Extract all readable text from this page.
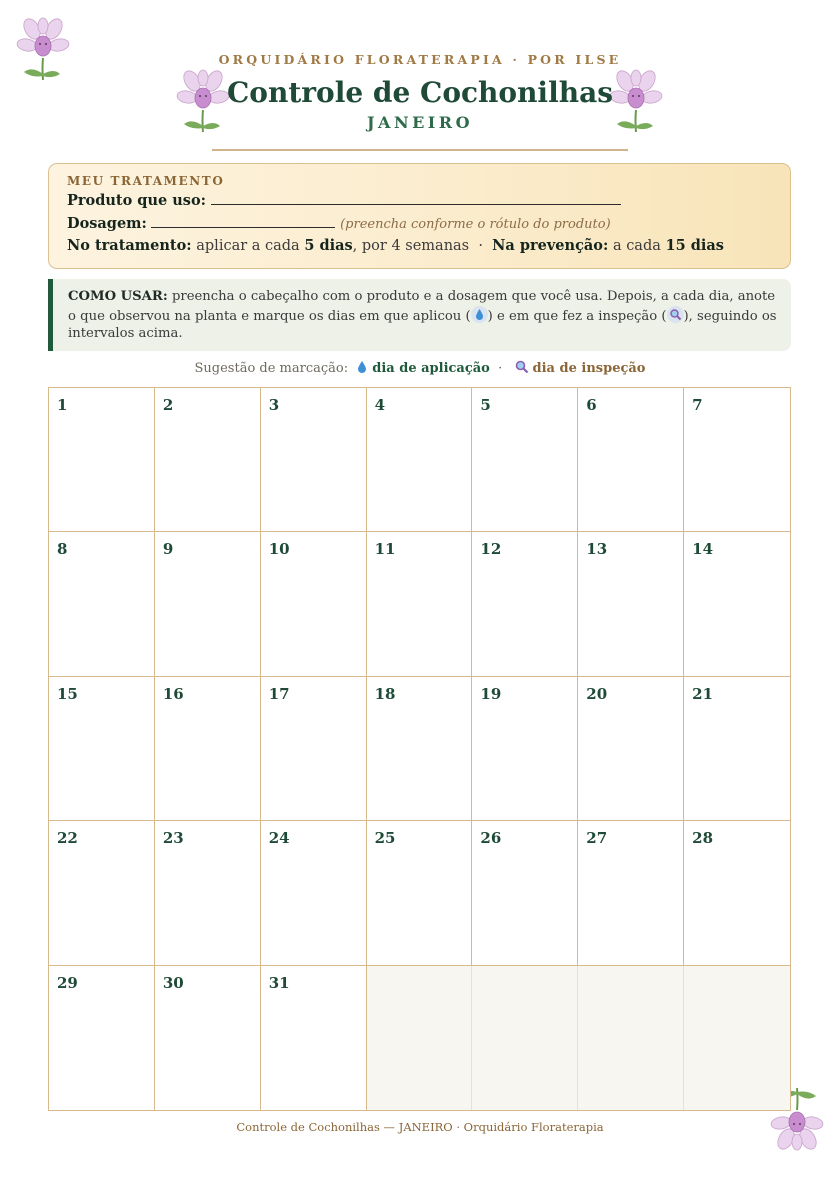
ORQUIDÁRIO FLORATERAPIA · POR ILSE
Controle de Cochonilhas
JANEIRO
MEU TRATAMENTO
Produto que uso:
Dosagem:	(preencha conforme o rótulo do produto)
No tratamento: aplicar a cada 5 dias, por 4 semanas · Na prevenção: a cada 15 dias
COMO USAR: preencha o cabeçalho com o produto e a dosagem que você usa. Depois, a cada dia, anote o que observou na planta e marque os dias em que aplicou ( ) e em que fez a inspeção ( ), seguindo os intervalos acima.
Sugestão de marcação: dia de aplicação · dia de inspeção
1	2	3	4	5	6	7
8	9	10	11	12	13	14
15	16	17	18	19	20	21
22	23	24	25	26	27	28
29	30	31
Controle de Cochonilhas — JANEIRO · Orquidário Floraterapia
